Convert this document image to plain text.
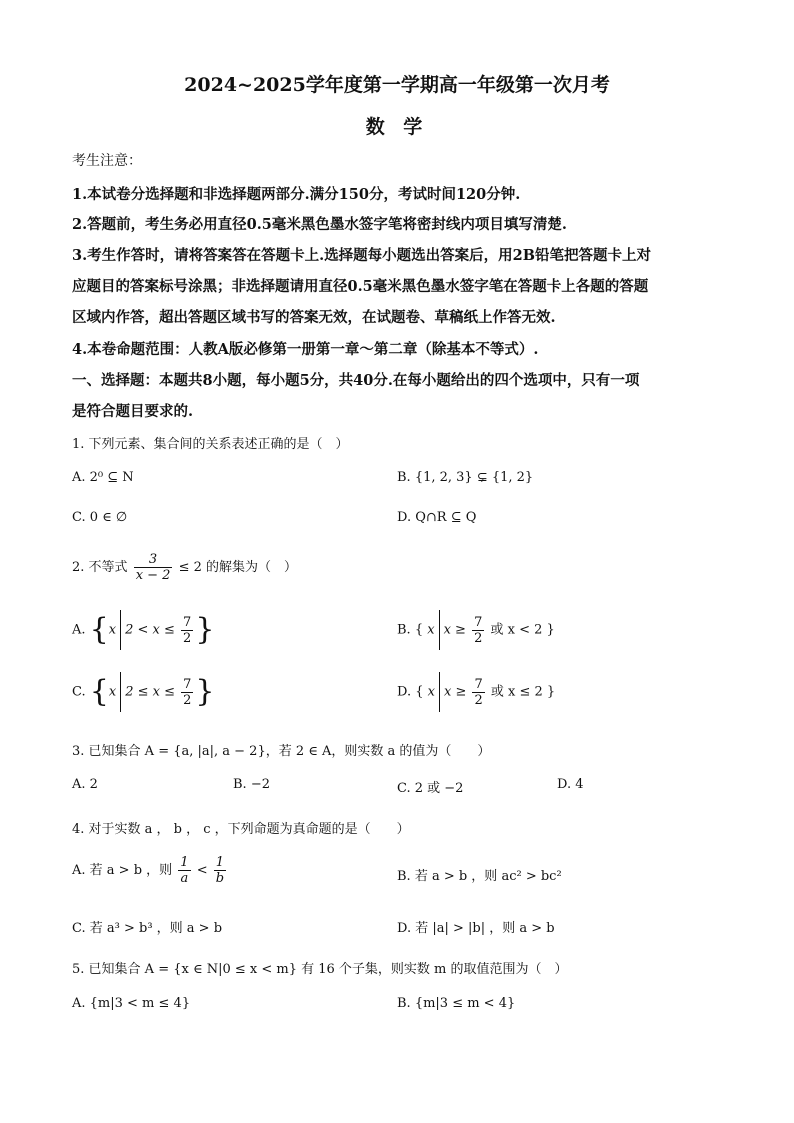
2024~2025学年度第一学期高一年级第一次月考
数 学
考生注意：
1.本试卷分选择题和非选择题两部分.满分150分，考试时间120分钟.
2.答题前，考生务必用直径0.5毫米黑色墨水签字笔将密封线内项目填写清楚.
3.考生作答时，请将答案答在答题卡上.选择题每小题选出答案后，用2B铅笔把答题卡上对
应题目的答案标号涂黑；非选择题请用直径0.5毫米黑色墨水签字笔在答题卡上各题的答题
区域内作答，超出答题区域书写的答案无效，在试题卷、草稿纸上作答无效.
4.本卷命题范围：人教A版必修第一册第一章～第二章（除基本不等式）.
一、选择题：本题共8小题，每小题5分，共40分.在每小题给出的四个选项中，只有一项
是符合题目要求的.
1. 下列元素、集合间的关系表述正确的是（　）
A. 2⁰ ⊆ N	B. {1, 2, 3} ⊊ {1, 2}
C. 0 ∈ ∅	D. Q∩R ⊆ Q
2. 不等式 $\frac{3}{x - 2} \le 2$ 的解集为（　）
A. {x $2 < x \le \frac{7}{2}$ }	B. { x $x \ge \frac{7}{2}$ 或 x < 2 }
C. {x $2 \le x \le \frac{7}{2}$ }	D. { x $x \ge \frac{7}{2}$ 或 x ≤ 2 }
3. 已知集合 A = {a, |a|, a − 2}，若 2 ∈ A，则实数 a 的值为（　　）
A. 2	B. −2	C. 2 或 −2	D. 4
4. 对于实数 a ， b ， c ，下列命题为真命题的是（　　）
A. 若 a > b ，则 $\frac{1}{a} < \frac{1}{b}$	B. 若 a > b ，则 ac² > bc²
C. 若 a³ > b³ ，则 a > b	D. 若 |a| > |b| ，则 a > b
5. 已知集合 A = {x ∈ N|0 ≤ x < m} 有 16 个子集，则实数 m 的取值范围为（　）
A. {m|3 < m ≤ 4}	B. {m|3 ≤ m < 4}
